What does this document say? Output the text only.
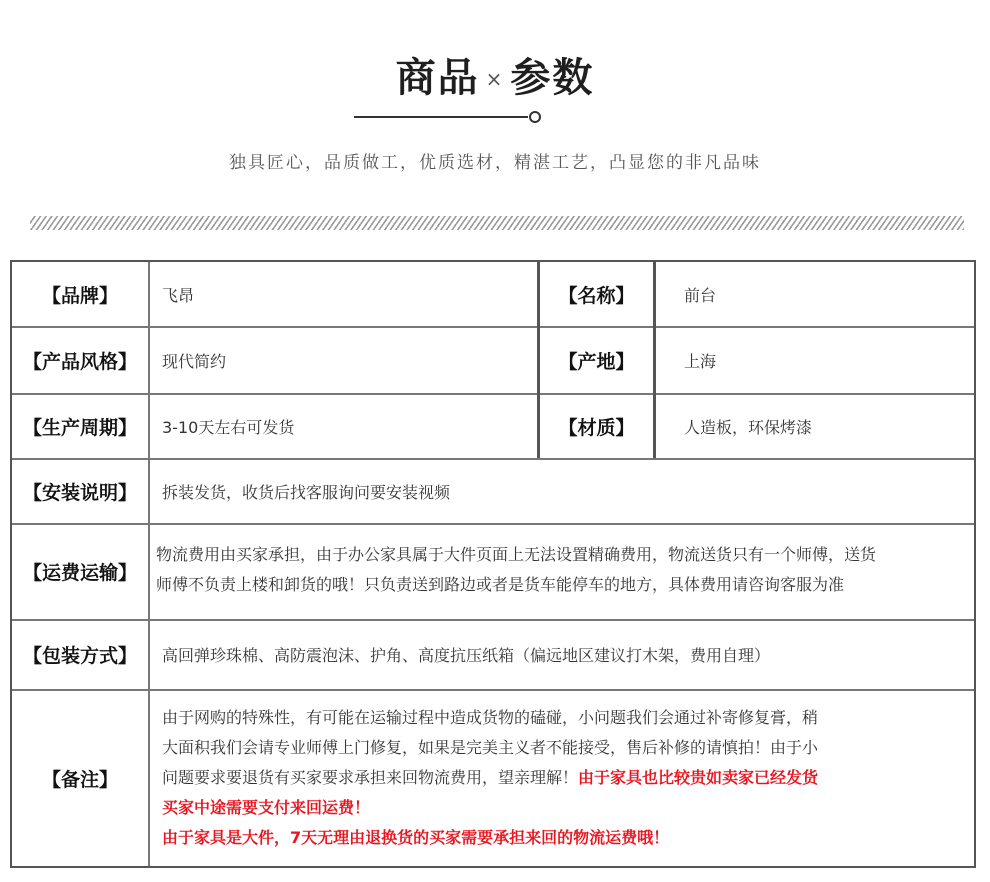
商品 × 参数
独具匠心，品质做工，优质选材，精湛工艺，凸显您的非凡品味
【品牌】	飞昂	【名称】	前台
【产品风格】	现代简约	【产地】	上海
【生产周期】	3-10天左右可发货	【材质】	人造板，环保烤漆
【安装说明】	拆装发货，收货后找客服询问要安装视频
【运费运输】
物流费用由买家承担，由于办公家具属于大件页面上无法设置精确费用，物流送货只有一个师傅，送货
师傅不负责上楼和卸货的哦！只负责送到路边或者是货车能停车的地方，具体费用请咨询客服为准
【包装方式】	高回弹珍珠棉、高防震泡沫、护角、高度抗压纸箱（偏远地区建议打木架，费用自理）
【备注】
由于网购的特殊性，有可能在运输过程中造成货物的磕碰，小问题我们会通过补寄修复膏，稍
大面积我们会请专业师傅上门修复，如果是完美主义者不能接受，售后补修的请慎拍！由于小
问题要求要退货有买家要求承担来回物流费用，望亲理解！由于家具也比较贵如卖家已经发货
买家中途需要支付来回运费！
由于家具是大件，7天无理由退换货的买家需要承担来回的物流运费哦！
